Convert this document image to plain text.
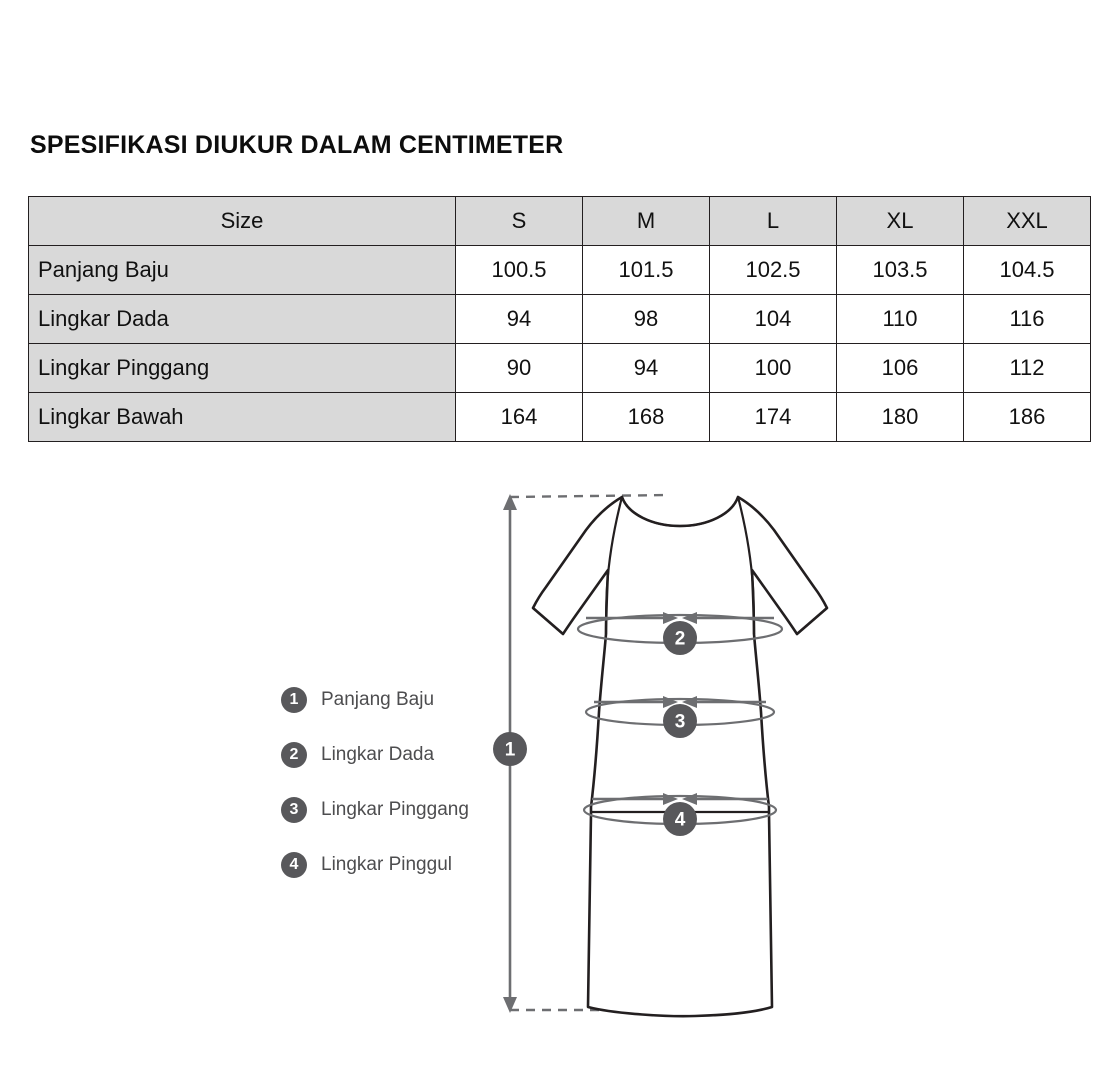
SPESIFIKASI DIUKUR DALAM CENTIMETER
Size	S	M	L	XL	XXL
Panjang Baju	100.5	101.5	102.5	103.5	104.5
Lingkar Dada	94	98	104	110	116
Lingkar Pinggang	90	94	100	106	112
Lingkar Bawah	164	168	174	180	186
1	Panjang Baju
2	Lingkar Dada
3	Lingkar Pinggang
4	Lingkar Pinggul
2
3
4
1
